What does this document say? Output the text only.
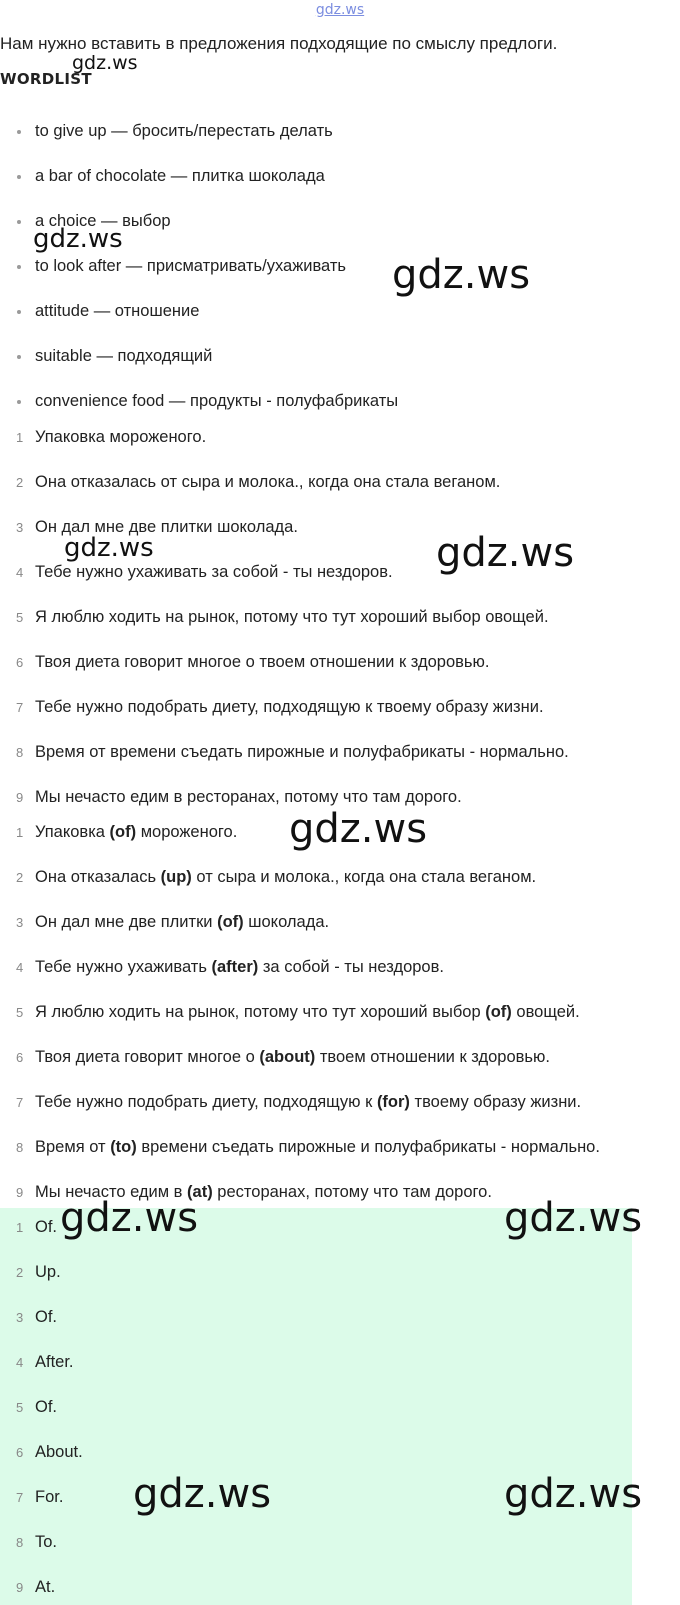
gdz.ws
Нам нужно вставить в предложения подходящие по смыслу предлоги.
WORDLIST
to give up — бросить/перестать делать
a bar of chocolate — плитка шоколада
a choice — выбор
to look after — присматривать/ухаживать
attitude — отношение
suitable — подходящий
convenience food — продукты - полуфабрикаты
1 Упаковка мороженого.
2 Она отказалась от сыра и молока., когда она стала веганом.
3 Он дал мне две плитки шоколада.
4 Тебе нужно ухаживать за собой - ты нездоров.
5 Я люблю ходить на рынок, потому что тут хороший выбор овощей.
6 Твоя диета говорит многое о твоем отношении к здоровью.
7 Тебе нужно подобрать диету, подходящую к твоему образу жизни.
8 Время от времени съедать пирожные и полуфабрикаты - нормально.
9 Мы нечасто едим в ресторанах, потому что там дорого.
1 Упаковка (of) мороженого.
2 Она отказалась (up) от сыра и молока., когда она стала веганом.
3 Он дал мне две плитки (of) шоколада.
4 Тебе нужно ухаживать (after) за собой - ты нездоров.
5 Я люблю ходить на рынок, потому что тут хороший выбор (of) овощей.
6 Твоя диета говорит многое о (about) твоем отношении к здоровью.
7 Тебе нужно подобрать диету, подходящую к (for) твоему образу жизни.
8 Время от (to) времени съедать пирожные и полуфабрикаты - нормально.
9 Мы нечасто едим в (at) ресторанах, потому что там дорого.
1 Of.
2 Up.
3 Of.
4 After.
5 Of.
6 About.
7 For.
8 To.
9 At.
gdz.ws
gdz.ws
gdz.ws
gdz.ws	gdz.ws
gdz.ws
gdz.ws	gdz.ws
gdz.ws	gdz.ws
